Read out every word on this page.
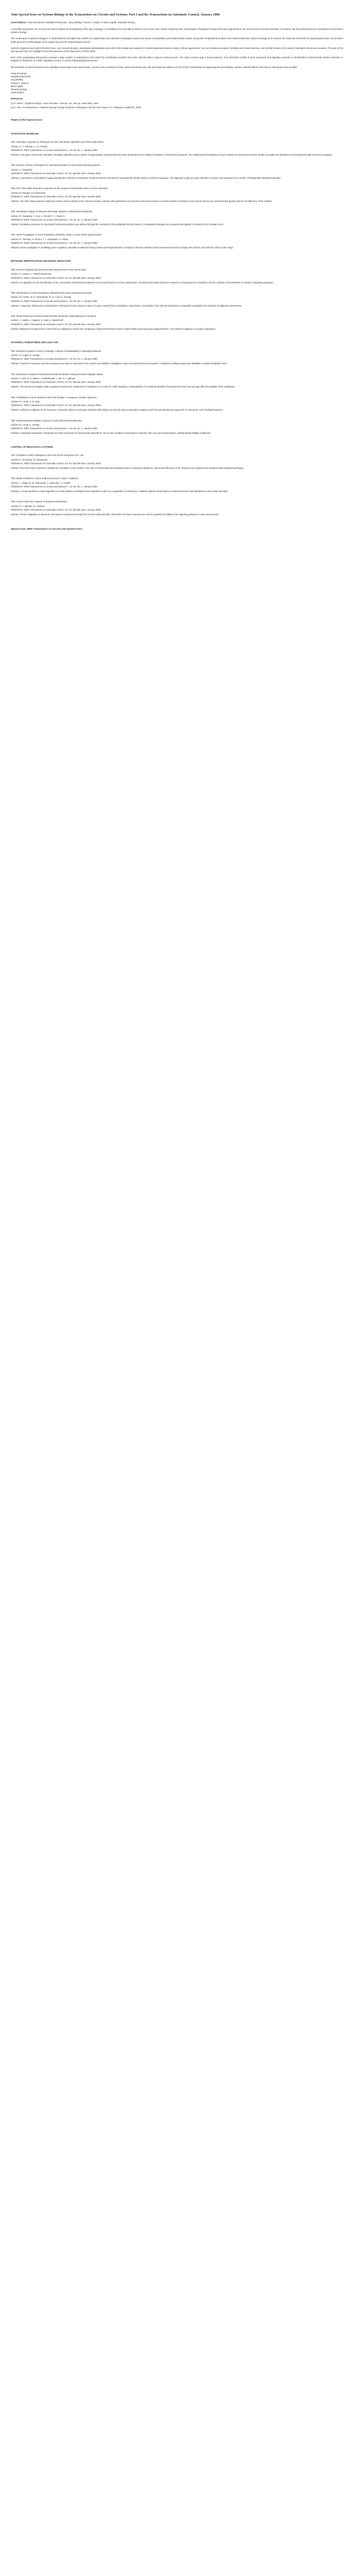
Joint Special Issue on Systems Biology in the Transactions on Circuits and Systems: Part I and the Transactions on Automatic Control, January 2008
Guest Editors: Hana El-Samad, Mustafa Khammash, Jorg Stelling, Francis J. Doyle III, Brian Ingalls, Eduardo Sontag

In scientific perspective, the century has been heralded as the beginning of the age of biology. It is probably not a coincidence that the rise of new, more robust computing tools, technologies of biological measurement and engineering in the very bioscience-focused domains of research, has been followed by the development of the field of systems biology.

The central goal of systems biology is to understand the principles that underlie the organization and operation of biological systems by means of quantitative and mathematical models, along with computational analyses and experimental data. Systems biology thus connects the molecular world with the physiological world, and provides fertile ground for methodologies from engineering and the mathematical sciences.

Systems engineers and control theorists have, over several decades, developed methodologies and tools for the design and analysis of complex dynamical systems. Many of these approaches, such as robustness analysis, feedback and model reduction, are directly relevant to the study of biological circuits and networks. The goal of this joint special issue is to highlight recent developments at the intersection of these fields.

Each of the participating transactions received a large number of submissions, from which the contributions included here were selected after a rigorous review process. The topics covered span a broad spectrum, from stochastic models of gene expression and signaling networks, to identification of biochemical reaction networks, to analysis of robustness in cellular regulatory circuits, to control of physiological processes.

We would like to thank all authors who submitted manuscripts to the special issue, and the many reviewers for their careful and timely work. We also thank the Editors-in-Chief of both Transactions for supporting this joint initiative, and the editorial staff for their help in making this issue possible.

Hana El-Samad
Mustafa Khammash
Jorg Stelling
Francis J. Doyle III
Brian Ingalls
Eduardo Sontag
Guest Editors
References

[1] H. Kitano, "Systems biology: A brief overview," Science, vol. 295, pp. 1662-1664, 2002.

[2] U. Alon, An Introduction to Systems Biology: Design Principles of Biological Circuits. Boca Raton, FL: Chapman & Hall/CRC, 2006.

Papers in this Special Issue
STOCHASTIC MODELING
Title: Stochastic Approach to Biological Circuits: Stochastic Algorithms and Their Applications
Authors: D. T. Gillespie, L. R. Petzold
Published in: IEEE Transactions on Circuits and Systems I, Vol. 55, No. 1, January 2008

Abstract: This paper reviews the stochastic simulation algorithm and a number of approximate methods that have been developed for the efficient simulation of biochemical systems. The mathematical foundations of each method are discussed and their relative strengths and limitations are illustrated through numerical examples.

Title: Moment Closure Techniques for Stochastic Models of Chemically Reacting Systems
Authors: J. Hespanha
Published in: IEEE Transactions on Automatic Control, Vol. 53, Special Issue, January 2008

Abstract: A procedure is described for approximating the moments of stochastic chemical reaction networks by truncating the infinite system of moment equations. The approach yields accurate estimates of means and variances for a number of biologically motivated examples.

Title: The Finite State Projection Approach for the Analysis of Stochastic Noise in Gene Networks
Authors: B. Munsky, M. Khammash
Published in: IEEE Transactions on Automatic Control, Vol. 53, Special Issue, January 2008

Abstract: The finite state projection method provides a direct solution of the chemical master equation with guaranteed error bounds. Extensions based on model reduction techniques from systems theory are presented that greatly improve the efficiency of the method.

Title: Sensitivity Analysis of Discrete Stochastic Systems in Biochemical Networks
Authors: R. Gunawan, Y. Cao, L. Petzold, F. J. Doyle III
Published in: IEEE Transactions on Circuits and Systems I, Vol. 55, No. 1, January 2008

Abstract: Sensitivity measures for stochastic biochemical systems are defined through the sensitivity of the probability density function. Computation strategies are proposed and applied to models of the circadian clock.

Title: Noise Propagation in Gene Regulatory Networks Using a Linear Noise Approximation
Authors: R. Tomioka, H. Kimura, T. J. Koboyashi, K. Aihara
Published in: IEEE Transactions on Circuits and Systems I, Vol. 55, No. 1, January 2008

Abstract: Noise propagation in multistage gene regulatory cascades is analyzed using a linear noise approximation. Frequency domain methods reveal how network structure shapes the intrinsic and extrinsic noise at each stage.

NETWORK IDENTIFICATION AND MODEL REDUCTION
Title: Reverse Engineering of Biochemical Networks from Time Series Data
Authors: E. August, A. Papachristodoulou
Published in: IEEE Transactions on Automatic Control, Vol. 53, Special Issue, January 2008

Abstract: An algorithm for the identification of the connectivity of biochemical networks is presented based on convex optimization. Structural information about the network is incorporated as constraints, and the method is demonstrated on models of signaling pathways.

Title: Identification of Gene Regulatory Networks with Sparse Measurement Data
Authors: M. Andrec, B. N. Kholodenko, R. M. Levy, E. Sontag
Published in: IEEE Transactions on Circuits and Systems I, Vol. 55, No. 1, January 2008

Abstract: A Bayesian framework is developed for inferring the local response matrix of a gene network from perturbation experiments. Uncertainty in the inferred interactions is quantified and guides the selection of additional experiments.

Title: Model Reduction of Biochemical Reaction Networks Using Balanced Truncation
Authors: J. Hardin, A. Zagaris, K. Krab, H. Westerhoff
Published in: IEEE Transactions on Automatic Control, Vol. 53, Special Issue, January 2008

Abstract: Balanced truncation from control theory is adapted to reduce the complexity of large biochemical reaction models while preserving input-output behavior. The method is applied to a model of glycolysis.

DYNAMICS, ROBUSTNESS AND ANALYSIS
Title: Monotone Systems Theory in Biology: Analysis of Multistability in Signaling Networks
Authors: D. Angeli, E. Sontag
Published in: IEEE Transactions on Circuits and Systems I, Vol. 55, No. 1, January 2008

Abstract: Tools from monotone dynamical systems are used to characterize the number and stability of equilibria in interconnected biochemical systems. Graphical conditions guarantee bistability in positive feedback loops.

Title: Robustness Analysis of Biochemical Network Models Using Structured Singular Values
Authors: J. Kim, D. G. Bates, I. Postlethwaite, L. Ma, P. A. Iglesias
Published in: IEEE Transactions on Automatic Control, Vol. 53, Special Issue, January 2008

Abstract: The structured singular value is applied to assess the robustness of oscillations in a model of cAMP signaling in Dictyostelium. The analysis identifies the parameters that most strongly affect the stability of the oscillations.

Title: Oscillations in Gene Networks with Time Delays: A Frequency Domain Approach
Authors: M. Arcak, G. B. Stan
Published in: IEEE Transactions on Automatic Control, Vol. 53, Special Issue, January 2008

Abstract: Sufficient conditions for the existence of periodic orbits in cyclic gene networks with delays are derived using secant gain conditions and Poincare-Bendixson arguments for monotone cyclic feedback systems.

Title: Passivity-Based Stability Analysis of Cyclic Biochemical Networks
Authors: M. Arcak, E. Sontag
Published in: IEEE Transactions on Circuits and Systems I, Vol. 55, No. 1, January 2008

Abstract: A passivity framework is developed for interconnections of biochemical subsystems. The secant condition is extended to networks with more general topologies, yielding global stability certificates.

CONTROL OF BIOLOGICAL SYSTEMS
Title: Feedback Control Strategies in the Heat Shock Response of E. coli
Authors: H. El-Samad, M. Khammash
Published in: IEEE Transactions on Automatic Control, Vol. 53, Special Issue, January 2008

Abstract: The heat shock response is studied as a feedback control system. The roles of feedforward and feedback loops in achieving robustness, speed and efficiency of the response are analyzed and compared with engineering designs.

Title: Model Predictive Control of Blood Glucose in Type 1 Diabetes
Authors: L. Magni, D. M. Raimondo, C. Dalla Man, C. Cobelli
Published in: IEEE Transactions on Circuits and Systems I, Vol. 55, No. 1, January 2008

Abstract: A model predictive control algorithm for insulin delivery is designed and evaluated in silico on a population of virtual type 1 diabetic patients. Performance is assessed under meal disturbances and model mismatch.

Title: Control Theoretic Analysis of Bacterial Chemotaxis
Authors: P. A. Iglesias, B. Andrews
Published in: IEEE Transactions on Automatic Control, Vol. 53, Special Issue, January 2008

Abstract: Perfect adaptation in bacterial chemotaxis is interpreted through the internal model principle. Information theoretic measures are used to quantify the fidelity of the signaling pathway in noisy environments.

Special Issue, IEEE Transactions on Circuits and Systems Part I
